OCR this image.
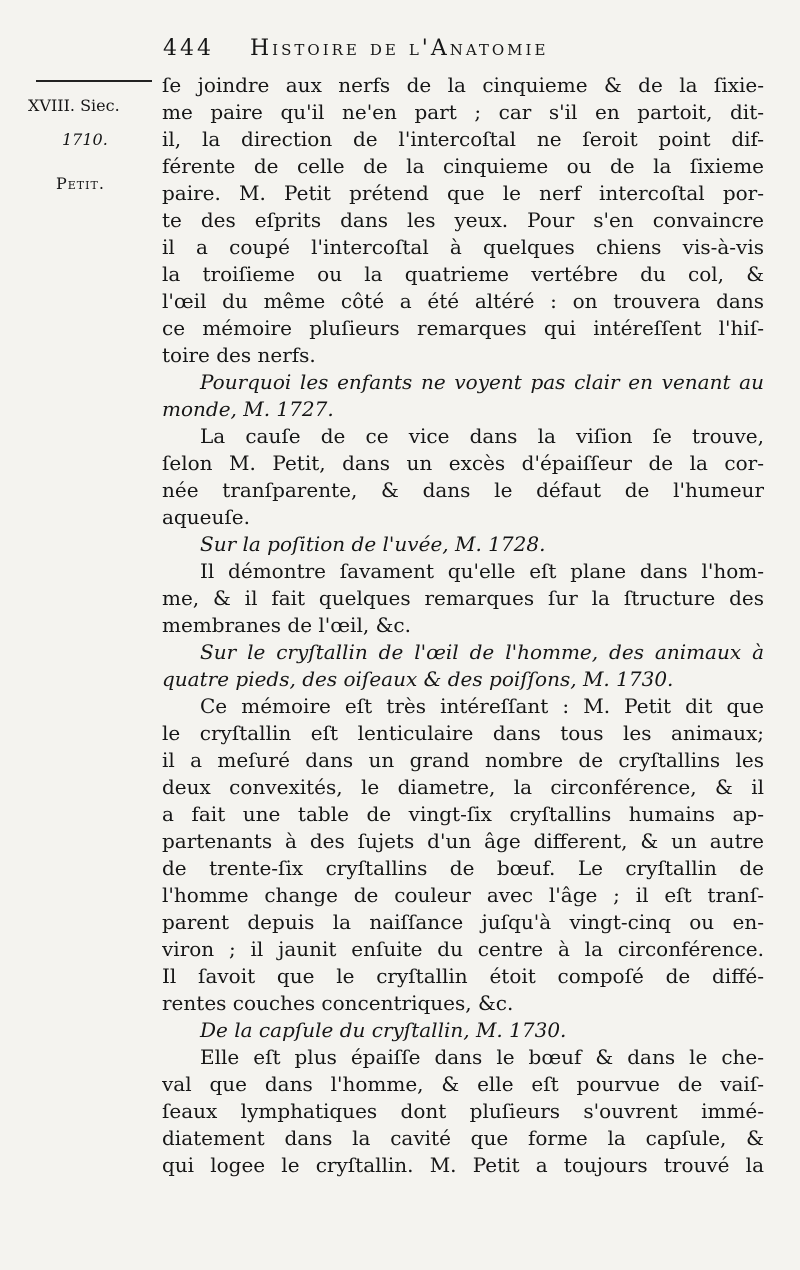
444 Histoire de l'Anatomie
XVIII. Siec.
1710.
Petit.
ſe joindre aux nerfs de la cinquieme & de la ſixie-
me paire qu'il ne'en part ; car s'il en partoit, dit-
il, la direction de l'intercoſtal ne ſeroit point dif-
férente de celle de la cinquieme ou de la ſixieme
paire. M. Petit prétend que le nerf intercoſtal por-
te des eſprits dans les yeux. Pour s'en convaincre
il a coupé l'intercoſtal à quelques chiens vis-à-vis
la troiſieme ou la quatrieme vertébre du col, &
l'œil du même côté a été altéré : on trouvera dans
ce mémoire pluſieurs remarques qui intéreſſent l'hiſ-
toire des nerfs.
Pourquoi les enfants ne voyent pas clair en venant au
monde, M. 1727.
La cauſe de ce vice dans la viſion ſe trouve,
ſelon M. Petit, dans un excès d'épaiſſeur de la cor-
née tranſparente, & dans le défaut de l'humeur
aqueuſe.
Sur la poſition de l'uvée, M. 1728.
Il démontre ſavament qu'elle eſt plane dans l'hom-
me, & il fait quelques remarques ſur la ſtructure des
membranes de l'œil, &c.
Sur le cryſtallin de l'œil de l'homme, des animaux à
quatre pieds, des oiſeaux & des poiſſons, M. 1730.
Ce mémoire eſt très intéreſſant : M. Petit dit que
le cryſtallin eſt lenticulaire dans tous les animaux;
il a meſuré dans un grand nombre de cryſtallins les
deux convexités, le diametre, la circonférence, & il
a fait une table de vingt-ſix cryſtallins humains ap-
partenants à des ſujets d'un âge different, & un autre
de trente-ſix cryſtallins de bœuf. Le cryſtallin de
l'homme change de couleur avec l'âge ; il eſt tranſ-
parent depuis la naiſſance juſqu'à vingt-cinq ou en-
viron ; il jaunit enſuite du centre à la circonférence.
Il ſavoit que le cryſtallin étoit compoſé de diffé-
rentes couches concentriques, &c.
De la capſule du cryſtallin, M. 1730.
Elle eſt plus épaiſſe dans le bœuf & dans le che-
val que dans l'homme, & elle eſt pourvue de vaiſ-
ſeaux lymphatiques dont pluſieurs s'ouvrent immé-
diatement dans la cavité que forme la capſule, &
qui logee le cryſtallin. M. Petit a toujours trouvé la
